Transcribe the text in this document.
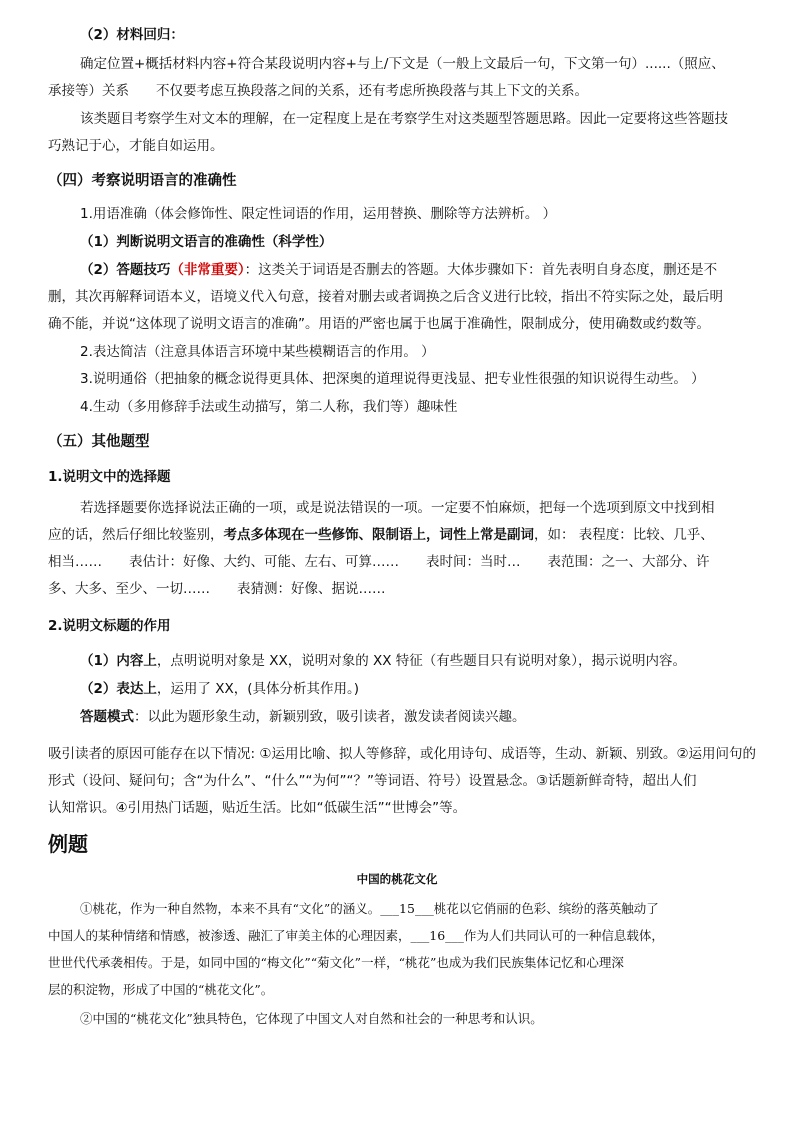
（2）材料回归：
确定位置+概括材料内容+符合某段说明内容+与上/下文是（一般上文最后一句，下文第一句）......（照应、
承接等）关系　　不仅要考虑互换段落之间的关系，还有考虑所换段落与其上下文的关系。
该类题目考察学生对文本的理解，在一定程度上是在考察学生对这类题型答题思路。因此一定要将这些答题技
巧熟记于心，才能自如运用。
（四）考察说明语言的准确性
1.用语准确（体会修饰性、限定性词语的作用，运用替换、删除等方法辨析。 ）
（1）判断说明文语言的准确性（科学性）
（2）答题技巧（非常重要）：这类关于词语是否删去的答题。大体步骤如下：首先表明自身态度，删还是不
删，其次再解释词语本义，语境义代入句意，接着对删去或者调换之后含义进行比较，指出不符实际之处，最后明
确不能，并说“这体现了说明文语言的准确”。用语的严密也属于也属于准确性，限制成分，使用确数或约数等。
2.表达简洁（注意具体语言环境中某些模糊语言的作用。 ）
3.说明通俗（把抽象的概念说得更具体、把深奥的道理说得更浅显、把专业性很强的知识说得生动些。 ）
4.生动（多用修辞手法或生动描写，第二人称，我们等）趣味性
（五）其他题型
1.说明文中的选择题
若选择题要你选择说法正确的一项，或是说法错误的一项。一定要不怕麻烦，把每一个选项到原文中找到相
应的话，然后仔细比较鉴别，考点多体现在一些修饰、限制语上，词性上常是副词，如： 表程度：比较、几乎、
相当……　　表估计：好像、大约、可能、左右、可算……　　表时间：当时…　　表范围：之一、大部分、许
多、大多、至少、一切……　　表猜测：好像、据说……
2.说明文标题的作用
（1）内容上，点明说明对象是 XX，说明对象的 XX 特征（有些题目只有说明对象），揭示说明内容。
（2）表达上，运用了 XX，(具体分析其作用。)
答题模式：以此为题形象生动，新颖别致，吸引读者，激发读者阅读兴趣。
吸引读者的原因可能存在以下情况: ①运用比喻、拟人等修辞，或化用诗句、成语等，生动、新颖、别致。②运用问句的
形式（设问、疑问句；含“为什么”、“什么”“为何”“？”等词语、符号）设置悬念。③话题新鲜奇特，超出人们
认知常识。④引用热门话题，贴近生活。比如“低碳生活”“世博会”等。
例题
中国的桃花文化
①桃花，作为一种自然物，本来不具有“文化”的涵义。___15___桃花以它俏丽的色彩、缤纷的落英触动了
中国人的某种情绪和情感，被渗透、融汇了审美主体的心理因素，___16___作为人们共同认可的一种信息载体，
世世代代承袭相传。于是，如同中国的“梅文化”“菊文化”一样，“桃花”也成为我们民族集体记忆和心理深
层的积淀物，形成了中国的“桃花文化”。
②中国的“桃花文化”独具特色，它体现了中国文人对自然和社会的一种思考和认识。
